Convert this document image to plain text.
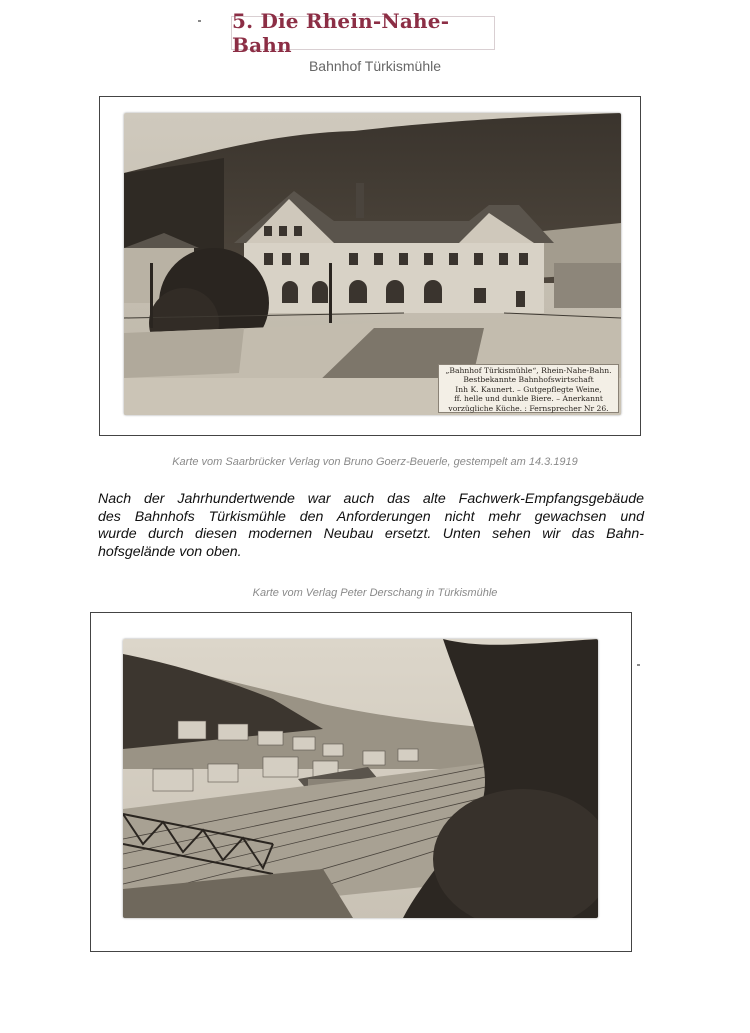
5. Die Rhein-Nahe-Bahn
Bahnhof Türkismühle
„Bahnhof Türkismühle“, Rhein-Nahe-Bahn.
Bestbekannte Bahnhofswirtschaft
Inh K. Kaunert. – Gutgepflegte Weine,
ff. helle und dunkle Biere. – Anerkannt
vorzügliche Küche. : Fernsprecher Nr 26.
Karte vom Saarbrücker Verlag von Bruno Goerz-Beuerle, gestempelt am 14.3.1919
Nach der Jahrhundertwende war auch das alte Fachwerk-Empfangsgebäude
des Bahnhofs Türkismühle den Anforderungen nicht mehr gewachsen und
wurde durch diesen modernen Neubau ersetzt. Unten sehen wir das Bahn-
hofsgelände von oben.
Karte vom Verlag Peter Derschang in Türkismühle
